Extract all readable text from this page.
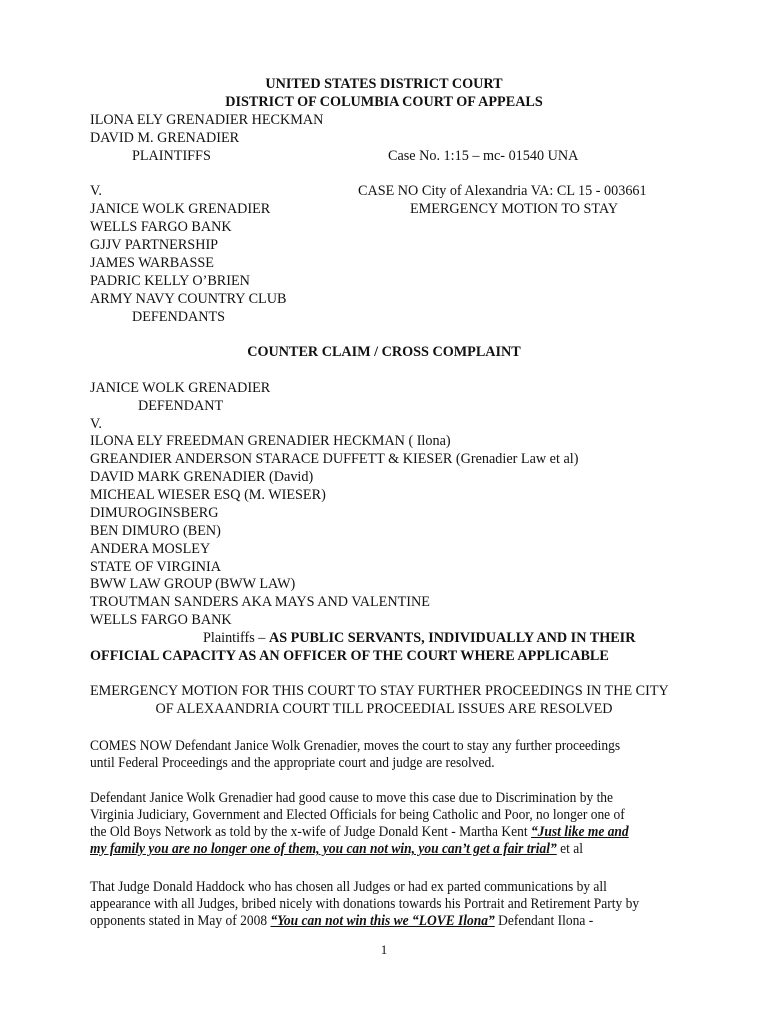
UNITED STATES DISTRICT COURT
DISTRICT OF COLUMBIA COURT OF APPEALS
ILONA ELY GRENADIER HECKMAN
DAVID M. GRENADIER
PLAINTIFFS	Case No. 1:15 – mc- 01540 UNA
V.	CASE NO City of Alexandria VA: CL 15 - 003661
EMERGENCY MOTION TO STAY
JANICE WOLK GRENADIER
WELLS FARGO BANK
GJJV PARTNERSHIP
JAMES WARBASSE
PADRIC KELLY O’BRIEN
ARMY NAVY COUNTRY CLUB
DEFENDANTS
COUNTER CLAIM / CROSS COMPLAINT
JANICE WOLK GRENADIER
DEFENDANT
V.
ILONA ELY FREEDMAN GRENADIER HECKMAN ( Ilona)
GREANDIER ANDERSON STARACE DUFFETT & KIESER (Grenadier Law et al)
DAVID MARK GRENADIER (David)
MICHEAL WIESER ESQ (M. WIESER)
DIMUROGINSBERG
BEN DIMURO (BEN)
ANDERA MOSLEY
STATE OF VIRGINIA
BWW LAW GROUP (BWW LAW)
TROUTMAN SANDERS AKA MAYS AND VALENTINE
WELLS FARGO BANK
Plaintiffs – AS PUBLIC SERVANTS, INDIVIDUALLY AND IN THEIR
OFFICIAL CAPACITY AS AN OFFICER OF THE COURT WHERE APPLICABLE
EMERGENCY MOTION FOR THIS COURT TO STAY FURTHER PROCEEDINGS IN THE CITY
OF ALEXAANDRIA COURT TILL PROCEEDIAL ISSUES ARE RESOLVED
COMES NOW Defendant Janice Wolk Grenadier, moves the court to stay any further proceedings
until Federal Proceedings and the appropriate court and judge are resolved.
Defendant Janice Wolk Grenadier had good cause to move this case due to Discrimination by the
Virginia Judiciary, Government and Elected Officials for being Catholic and Poor, no longer one of
the Old Boys Network as told by the x-wife of Judge Donald Kent - Martha Kent “Just like me and
my family you are no longer one of them, you can not win, you can’t get a fair trial” et al
That Judge Donald Haddock who has chosen all Judges or had ex parted communications by all
appearance with all Judges, bribed nicely with donations towards his Portrait and Retirement Party by
opponents stated in May of 2008 “You can not win this we “LOVE Ilona” Defendant Ilona -
1
